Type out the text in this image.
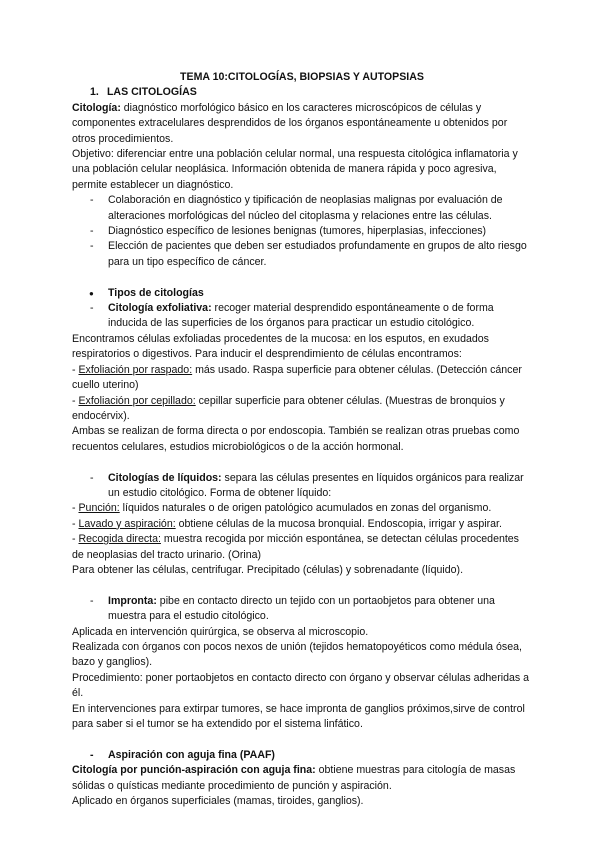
TEMA 10:CITOLOGÍAS, BIOPSIAS Y AUTOPSIAS

1. LAS CITOLOGÍAS

Citología: diagnóstico morfológico básico en los caracteres microscópicos de células y componentes extracelulares desprendidos de los órganos espontáneamente u obtenidos por otros procedimientos.

Objetivo: diferenciar entre una población celular normal, una respuesta citológica inflamatoria y una población celular neoplásica. Información obtenida de manera rápida y poco agresiva, permite establecer un diagnóstico.

- Colaboración en diagnóstico y tipificación de neoplasias malignas por evaluación de alteraciones morfológicas del núcleo del citoplasma y relaciones entre las células.

- Diagnóstico específico de lesiones benignas (tumores, hiperplasias, infecciones)

- Elección de pacientes que deben ser estudiados profundamente en grupos de alto riesgo para un tipo específico de cáncer.

● Tipos de citologías

- Citología exfoliativa: recoger material desprendido espontáneamente o de forma inducida de las superficies de los órganos para practicar un estudio citológico.

Encontramos células exfoliadas procedentes de la mucosa: en los esputos, en exudados respiratorios o digestivos. Para inducir el desprendimiento de células encontramos:

- Exfoliación por raspado: más usado. Raspa superficie para obtener células. (Detección cáncer cuello uterino)

- Exfoliación por cepillado: cepillar superficie para obtener células. (Muestras de bronquios y endocérvix).

Ambas se realizan de forma directa o por endoscopia. También se realizan otras pruebas como recuentos celulares, estudios microbiológicos o de la acción hormonal.

- Citologías de líquidos: separa las células presentes en líquidos orgánicos para realizar un estudio citológico. Forma de obtener líquido:

- Punción: líquidos naturales o de origen patológico acumulados en zonas del organismo.

- Lavado y aspiración: obtiene células de la mucosa bronquial. Endoscopia, irrigar y aspirar.

- Recogida directa: muestra recogida por micción espontánea, se detectan células procedentes de neoplasias del tracto urinario. (Orina)

Para obtener las células, centrifugar. Precipitado (células) y sobrenadante (líquido).

- Impronta: pibe en contacto directo un tejido con un portaobjetos para obtener una muestra para el estudio citológico.

Aplicada en intervención quirúrgica, se observa al microscopio.

Realizada con órganos con pocos nexos de unión (tejidos hematopoyéticos como médula ósea, bazo y ganglios).

Procedimiento: poner portaobjetos en contacto directo con órgano y observar células adheridas a él.

En intervenciones para extirpar tumores, se hace impronta de ganglios próximos,sirve de control para saber si el tumor se ha extendido por el sistema linfático.

- Aspiración con aguja fina (PAAF)

Citología por punción-aspiración con aguja fina: obtiene muestras para citología de masas sólidas o quísticas mediante procedimiento de punción y aspiración.

Aplicado en órganos superficiales (mamas, tiroides, ganglios).
